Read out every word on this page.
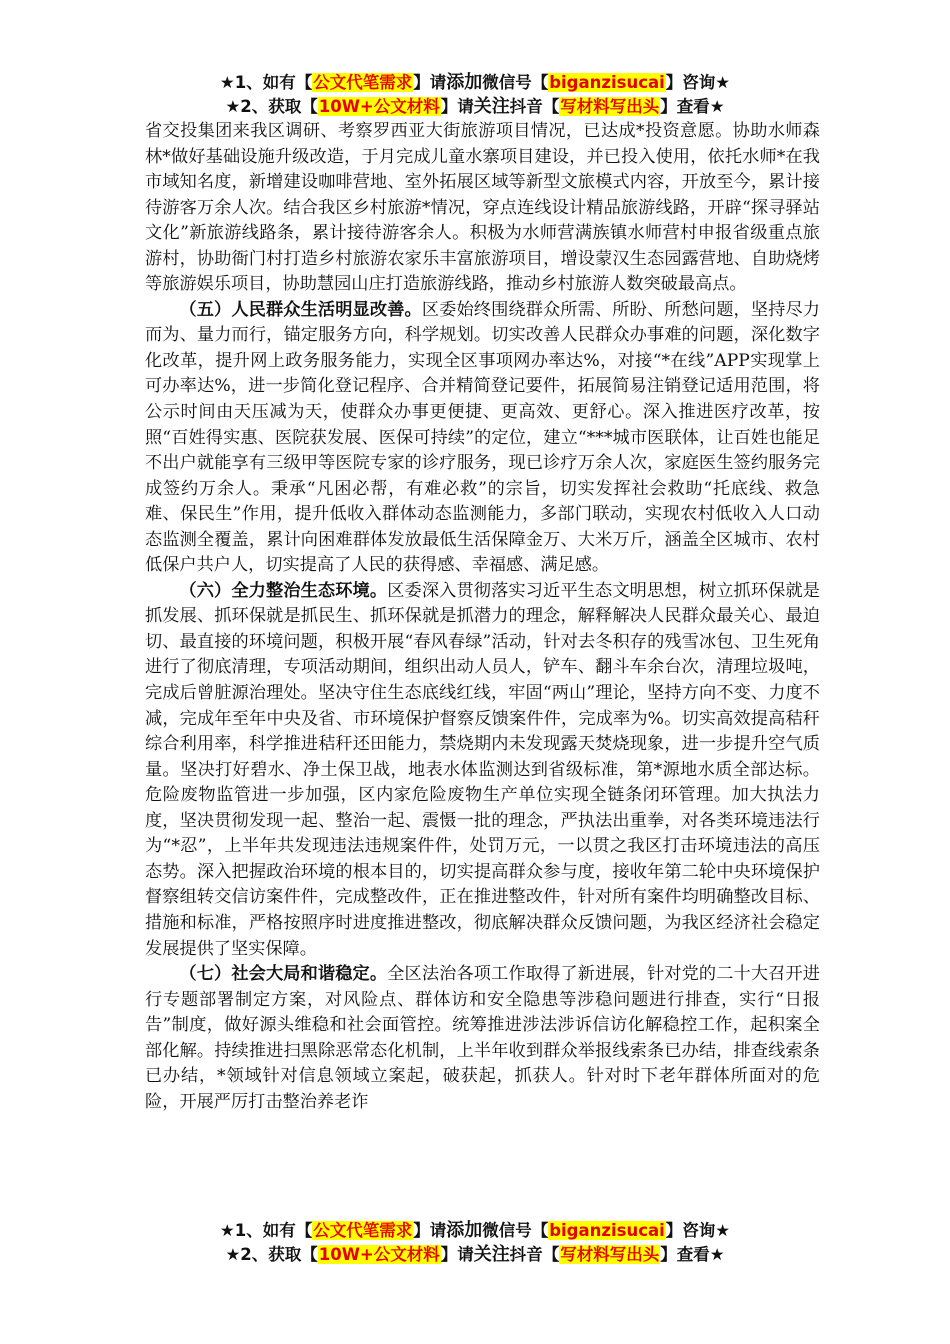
★1、如有【公文代笔需求】请添加微信号【biganzisucai】咨询★
★2、获取【10W+公文材料】请关注抖音【写材料写出头】查看★

省交投集团来我区调研、考察罗西亚大街旅游项目情况，已达成*投资意愿。协助水师森林*做好基础设施升级改造，于月完成儿童水寨项目建设，并已投入使用，依托水师*在我市域知名度，新增建设咖啡营地、室外拓展区域等新型文旅模式内容，开放至今，累计接待游客万余人次。结合我区乡村旅游*情况，穿点连线设计精品旅游线路，开辟“探寻驿站文化”新旅游线路条，累计接待游客余人。积极为水师营满族镇水师营村申报省级重点旅游村，协助衙门村打造乡村旅游农家乐丰富旅游项目，增设蒙汉生态园露营地、自助烧烤等旅游娱乐项目，协助慧园山庄打造旅游线路，推动乡村旅游人数突破最高点。

（五）人民群众生活明显改善。区委始终围绕群众所需、所盼、所愁问题，坚持尽力而为、量力而行，锚定服务方向，科学规划。切实改善人民群众办事难的问题，深化数字化改革，提升网上政务服务能力，实现全区事项网办率达%，对接“*在线”APP实现掌上可办率达%，进一步简化登记程序、合并精简登记要件，拓展简易注销登记适用范围，将公示时间由天压减为天，使群众办事更便捷、更高效、更舒心。深入推进医疗改革，按照“百姓得实惠、医院获发展、医保可持续”的定位，建立“***城市医联体，让百姓也能足不出户就能享有三级甲等医院专家的诊疗服务，现已诊疗万余人次，家庭医生签约服务完成签约万余人。秉承“凡困必帮，有难必救”的宗旨，切实发挥社会救助“托底线、救急难、保民生”作用，提升低收入群体动态监测能力，多部门联动，实现农村低收入人口动态监测全覆盖，累计向困难群体发放最低生活保障金万、大米万斤，涵盖全区城市、农村低保户共户人，切实提高了人民的获得感、幸福感、满足感。

（六）全力整治生态环境。区委深入贯彻落实习近平生态文明思想，树立抓环保就是抓发展、抓环保就是抓民生、抓环保就是抓潜力的理念，解释解决人民群众最关心、最迫切、最直接的环境问题，积极开展“春风春绿”活动，针对去冬积存的残雪冰包、卫生死角进行了彻底清理，专项活动期间，组织出动人员人，铲车、翻斗车余台次，清理垃圾吨，完成后曾脏源治理处。坚决守住生态底线红线，牢固“两山”理论，坚持方向不变、力度不减，完成年至年中央及省、市环境保护督察反馈案件件，完成率为%。切实高效提高秸秆综合利用率，科学推进秸秆还田能力，禁烧期内未发现露天焚烧现象，进一步提升空气质量。坚决打好碧水、净土保卫战，地表水体监测达到省级标准，第*源地水质全部达标。危险废物监管进一步加强，区内家危险废物生产单位实现全链条闭环管理。加大执法力度，坚决贯彻发现一起、整治一起、震慑一批的理念，严执法出重拳，对各类环境违法行为“*忍”，上半年共发现违法违规案件件，处罚万元，一以贯之我区打击环境违法的高压态势。深入把握政治环境的根本目的，切实提高群众参与度，接收年第二轮中央环境保护督察组转交信访案件件，完成整改件，正在推进整改件，针对所有案件均明确整改目标、措施和标准，严格按照序时进度推进整改，彻底解决群众反馈问题，为我区经济社会稳定发展提供了坚实保障。

（七）社会大局和谐稳定。全区法治各项工作取得了新进展，针对党的二十大召开进行专题部署制定方案，对风险点、群体访和安全隐患等涉稳问题进行排查，实行“日报告”制度，做好源头维稳和社会面管控。统筹推进涉法涉诉信访化解稳控工作，起积案全部化解。持续推进扫黑除恶常态化机制，上半年收到群众举报线索条已办结，排查线索条已办结，*领域针对信息领域立案起，破获起，抓获人。针对时下老年群体所面对的危险，开展严厉打击整治养老诈

★1、如有【公文代笔需求】请添加微信号【biganzisucai】咨询★
★2、获取【10W+公文材料】请关注抖音【写材料写出头】查看★
